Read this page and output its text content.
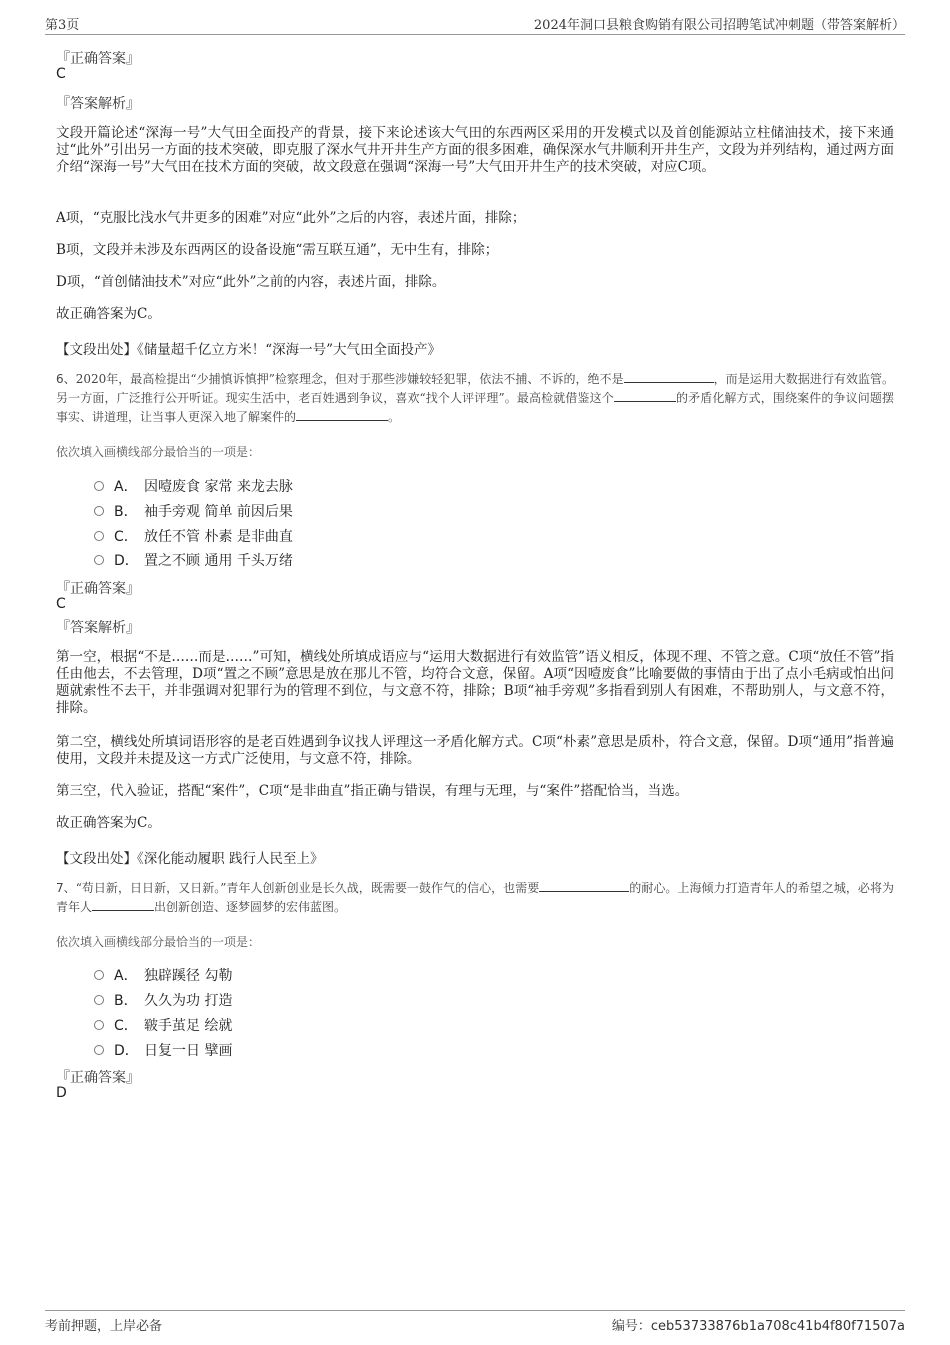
第3页	2024年洞口县粮食购销有限公司招聘笔试冲刺题（带答案解析）
『正确答案』
C
『答案解析』
文段开篇论述“深海一号”大气田全面投产的背景，接下来论述该大气田的东西两区采用的开发模式以及首创能源站立柱储油技术，接下来通过“此外”引出另一方面的技术突破，即克服了深水气井开井生产方面的很多困难，确保深水气井顺利开井生产，文段为并列结构，通过两方面介绍“深海一号”大气田在技术方面的突破，故文段意在强调“深海一号”大气田开井生产的技术突破，对应C项。
A项，“克服比浅水气井更多的困难”对应“此外”之后的内容，表述片面，排除；
B项，文段并未涉及东西两区的设备设施“需互联互通”，无中生有，排除；
D项，“首创储油技术”对应“此外”之前的内容，表述片面，排除。
故正确答案为C。
【文段出处】《储量超千亿立方米！“深海一号”大气田全面投产》
6、2020年，最高检提出“少捕慎诉慎押”检察理念，但对于那些涉嫌较轻犯罪，依法不捕、不诉的，绝不是	，而是运用大数据进行有效监管。另一方面，广泛推行公开听证。现实生活中，老百姓遇到争议，喜欢“找个人评评理”。最高检就借鉴这个	的矛盾化解方式，围绕案件的争议问题摆事实、讲道理，让当事人更深入地了解案件的	。
依次填入画横线部分最恰当的一项是：
A． 因噎废食 家常 来龙去脉
B． 袖手旁观 简单 前因后果
C． 放任不管 朴素 是非曲直
D． 置之不顾 通用 千头万绪
『正确答案』
C
『答案解析』
第一空，根据“不是……而是……”可知，横线处所填成语应与“运用大数据进行有效监管”语义相反，体现不理、不管之意。C项“放任不管”指任由他去，不去管理，D项“置之不顾”意思是放在那儿不管，均符合文意，保留。A项“因噎废食”比喻要做的事情由于出了点小毛病或怕出问题就索性不去干，并非强调对犯罪行为的管理不到位，与文意不符，排除；B项“袖手旁观”多指看到别人有困难，不帮助别人，与文意不符，排除。
第二空，横线处所填词语形容的是老百姓遇到争议找人评理这一矛盾化解方式。C项“朴素”意思是质朴，符合文意，保留。D项“通用”指普遍使用，文段并未提及这一方式广泛使用，与文意不符，排除。
第三空，代入验证，搭配“案件”，C项“是非曲直”指正确与错误，有理与无理，与“案件”搭配恰当，当选。
故正确答案为C。
【文段出处】《深化能动履职 践行人民至上》
7、“苟日新，日日新，又日新。”青年人创新创业是长久战，既需要一鼓作气的信心，也需要	的耐心。上海倾力打造青年人的希望之城，必将为青年人	出创新创造、逐梦圆梦的宏伟蓝图。
依次填入画横线部分最恰当的一项是：
A． 独辟蹊径 勾勒
B． 久久为功 打造
C． 皲手茧足 绘就
D． 日复一日 擘画
『正确答案』
D
考前押题，上岸必备	编号：ceb53733876b1a708c41b4f80f71507a
